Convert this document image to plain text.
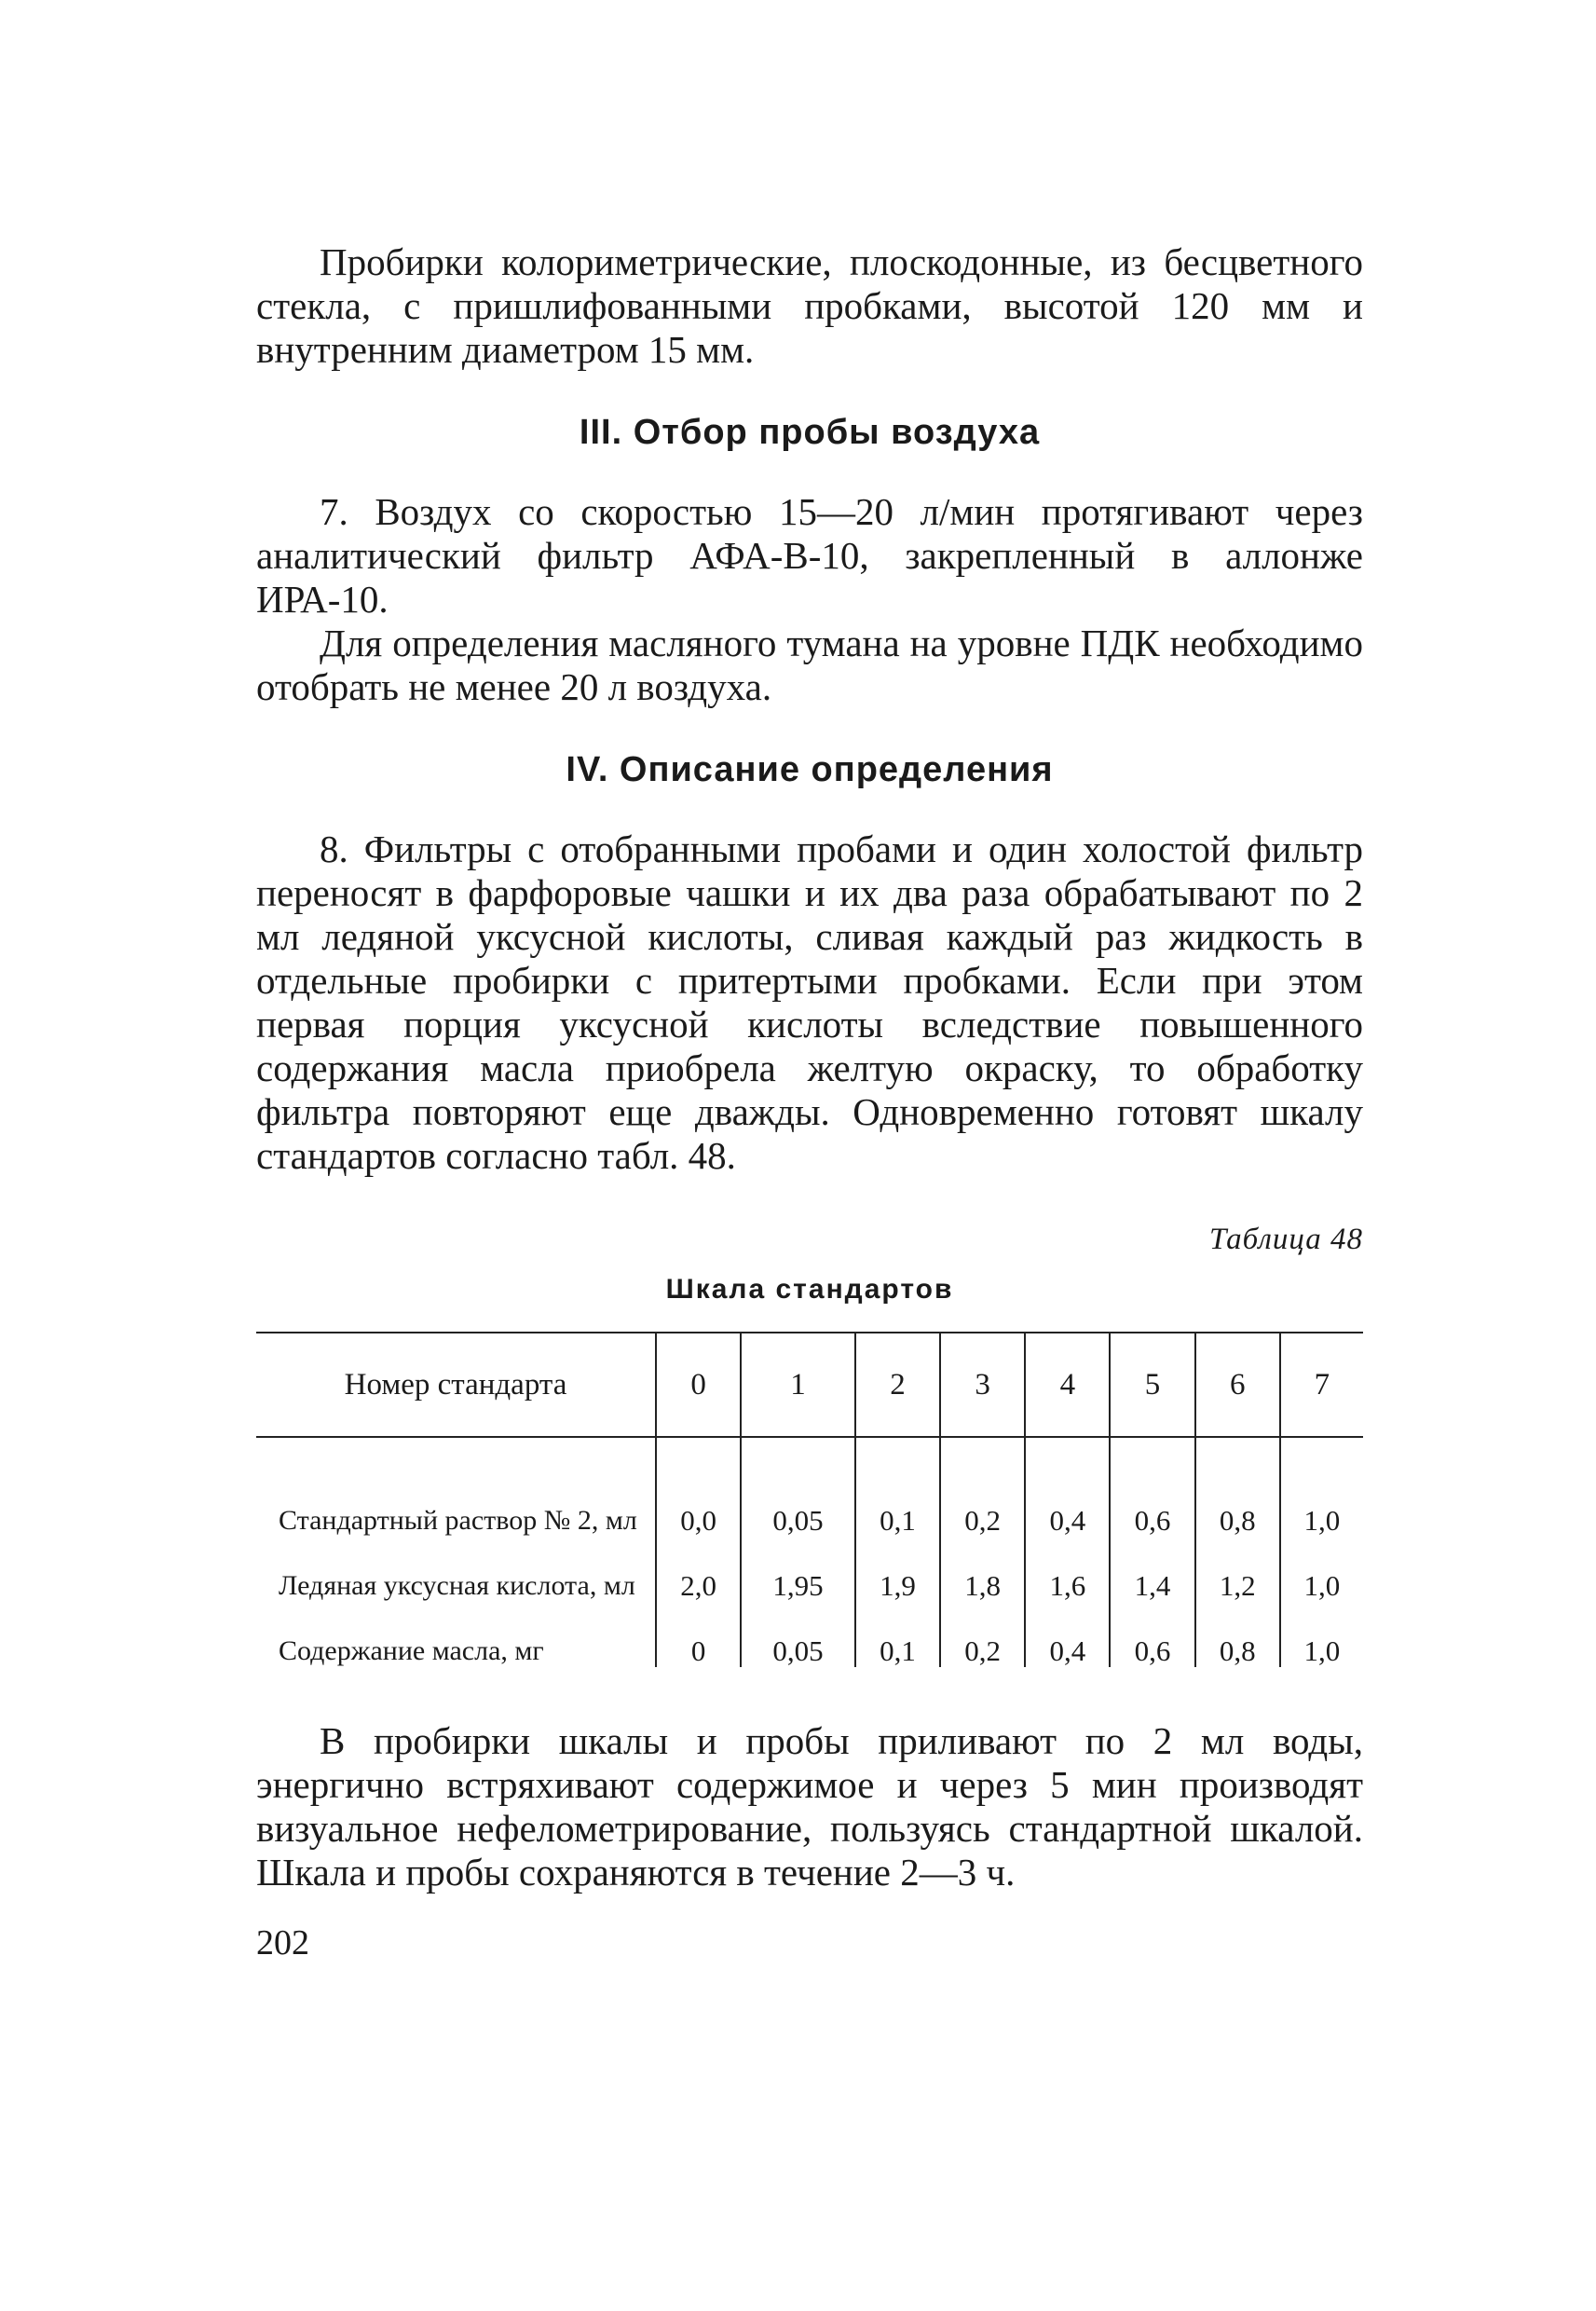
Пробирки колориметрические, плоскодонные, из бесцветного стекла, с пришлифованными пробками, высотой 120 мм и внутренним диаметром 15 мм.

III. Отбор пробы воздуха

7. Воздух со скоростью 15—20 л/мин протягивают через аналитический фильтр АФА-В-10, закрепленный в аллонже ИРА-10.

Для определения масляного тумана на уровне ПДК необходимо отобрать не менее 20 л воздуха.

IV. Описание определения

8. Фильтры с отобранными пробами и один холостой фильтр переносят в фарфоровые чашки и их два раза обрабатывают по 2 мл ледяной уксусной кислоты, сливая каждый раз жидкость в отдельные пробирки с притертыми пробками. Если при этом первая порция уксусной кислоты вследствие повышенного содержания масла приобрела желтую окраску, то обработку фильтра повторяют еще дважды. Одновременно готовят шкалу стандартов согласно табл. 48.

Таблица 48

Шкала стандартов

Номер стандарта	0	1	2	3	4	5	6	7
Стандартный раствор № 2, мл	0,0	0,05	0,1	0,2	0,4	0,6	0,8	1,0
Ледяная уксусная кислота, мл	2,0	1,95	1,9	1,8	1,6	1,4	1,2	1,0
Содержание масла, мг	0	0,05	0,1	0,2	0,4	0,6	0,8	1,0

В пробирки шкалы и пробы приливают по 2 мл воды, энергично встряхивают содержимое и через 5 мин производят визуальное нефелометрирование, пользуясь стандартной шкалой. Шкала и пробы сохраняются в течение 2—3 ч.

202
